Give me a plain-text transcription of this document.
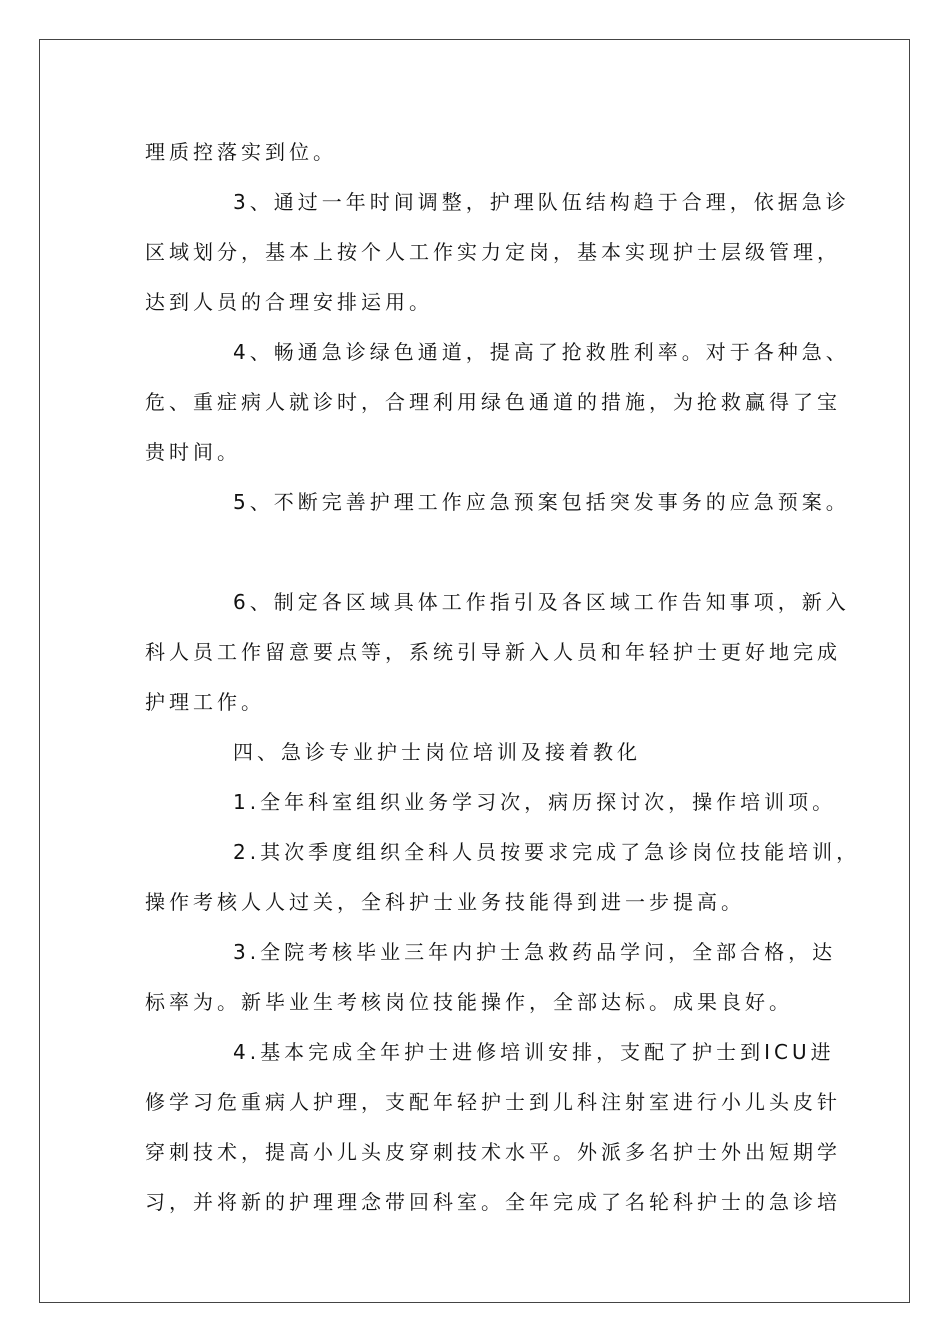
理质控落实到位。
3、通过一年时间调整，护理队伍结构趋于合理，依据急诊
区域划分，基本上按个人工作实力定岗，基本实现护士层级管理，
达到人员的合理安排运用。
4、畅通急诊绿色通道，提高了抢救胜利率。对于各种急、
危、重症病人就诊时，合理利用绿色通道的措施，为抢救赢得了宝
贵时间。
5、不断完善护理工作应急预案包括突发事务的应急预案。
6、制定各区域具体工作指引及各区域工作告知事项，新入
科人员工作留意要点等，系统引导新入人员和年轻护士更好地完成
护理工作。
四、急诊专业护士岗位培训及接着教化
1.全年科室组织业务学习次，病历探讨次，操作培训项。
2.其次季度组织全科人员按要求完成了急诊岗位技能培训，
操作考核人人过关，全科护士业务技能得到进一步提高。
3.全院考核毕业三年内护士急救药品学问，全部合格，达
标率为。新毕业生考核岗位技能操作，全部达标。成果良好。
4.基本完成全年护士进修培训安排，支配了护士到ICU进
修学习危重病人护理，支配年轻护士到儿科注射室进行小儿头皮针
穿刺技术，提高小儿头皮穿刺技术水平。外派多名护士外出短期学
习，并将新的护理理念带回科室。全年完成了名轮科护士的急诊培
